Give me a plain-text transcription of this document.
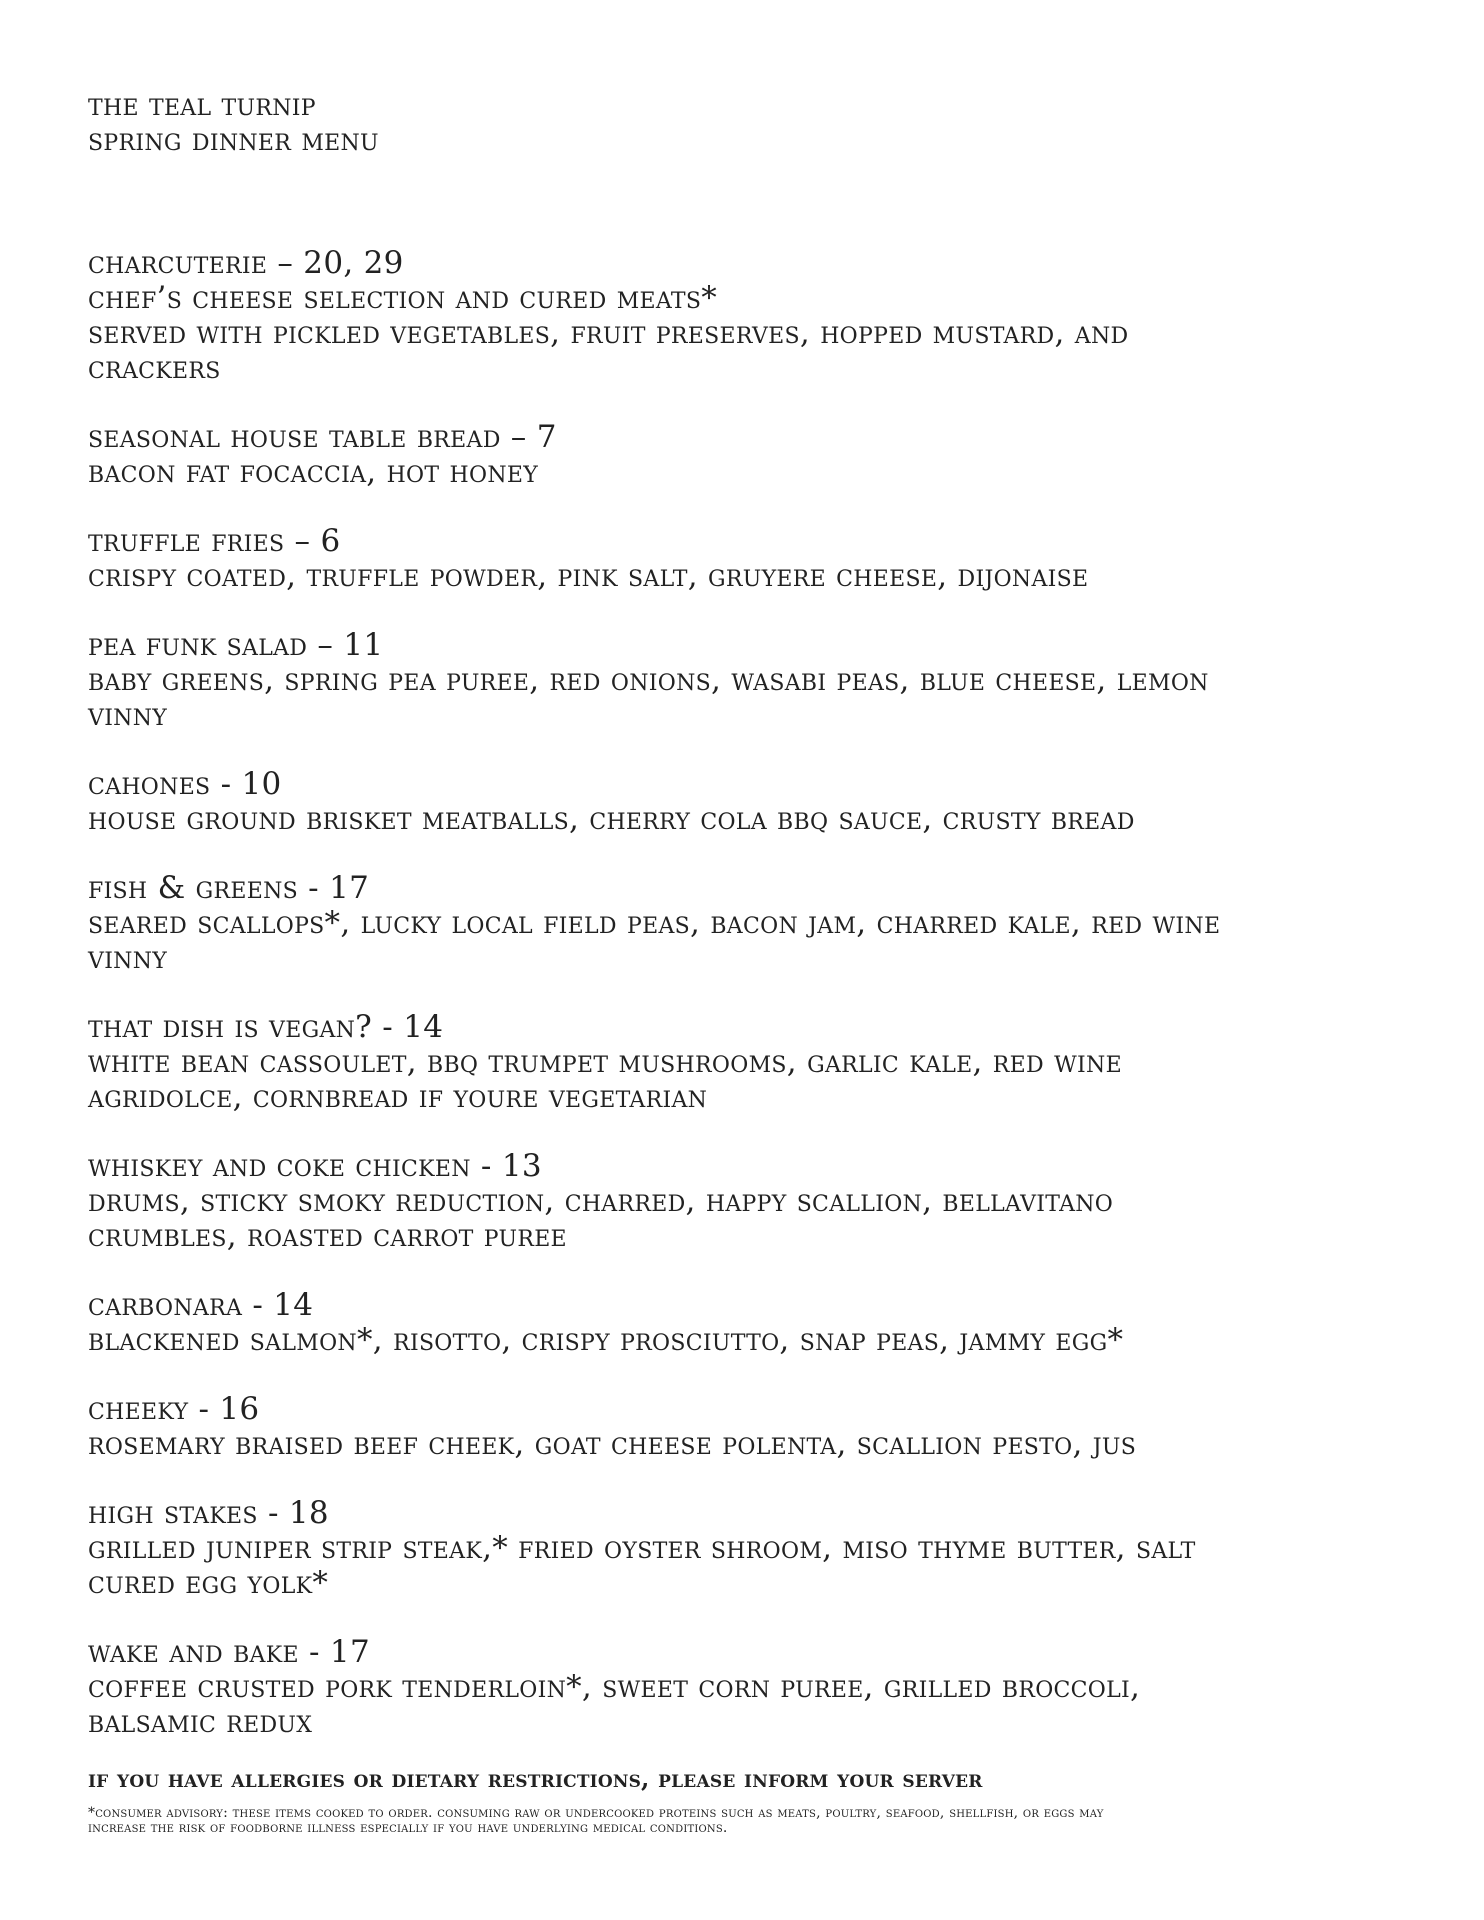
the teal turnip

spring dinner menu

charcuterie – 20, 29

chef’s cheese selection and cured meats*

served with pickled vegetables, fruit preserves, hopped mustard, and

crackers

seasonal house table bread – 7

bacon fat focaccia, hot honey

truffle fries – 6

crispy coated, truffle powder, pink salt, gruyere cheese, dijonaise

pea funk salad – 11

baby greens, spring pea puree, red onions, wasabi peas, blue cheese, lemon

vinny

cahones - 10

house ground brisket meatballs, cherry cola bbq sauce, crusty bread

fish & greens - 17

seared scallops*, lucky local field peas, bacon jam, charred kale, red wine

vinny

that dish is vegan? - 14

white bean cassoulet, bbq trumpet mushrooms, garlic kale, red wine

agridolce, cornbread if youre vegetarian

whiskey and coke chicken - 13

drums, sticky smoky reduction, charred, happy scallion, bellavitano

crumbles, roasted carrot puree

carbonara - 14

blackened salmon*, risotto, crispy prosciutto, snap peas, jammy egg*

cheeky - 16

rosemary braised beef cheek, goat cheese polenta, scallion pesto, jus

high stakes - 18

grilled juniper strip steak,* fried oyster shroom, miso thyme butter, salt

cured egg yolk*

wake and bake - 17

coffee crusted pork tenderloin*, sweet corn puree, grilled broccoli,

balsamic redux

if you have allergies or dietary restrictions, please inform your server
*consumer advisory: these items cooked to order. consuming raw or undercooked proteins such as meats, poultry, seafood, shellfish, or eggs may
increase the risk of foodborne illness especially if you have underlying medical conditions.
